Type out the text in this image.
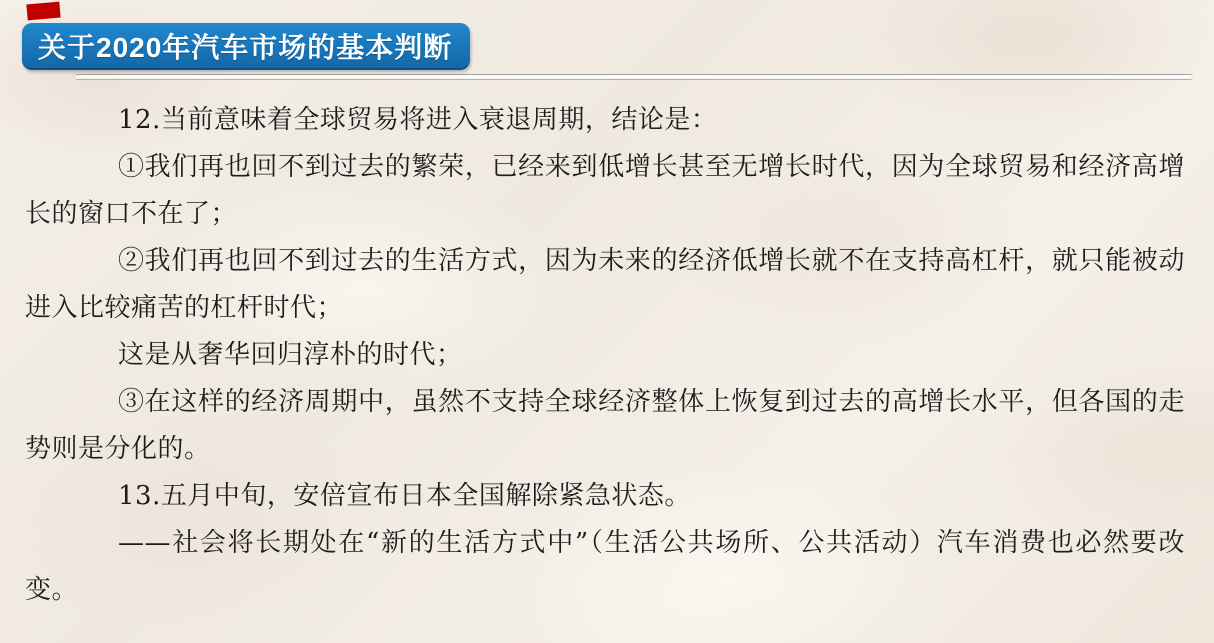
关于2020年汽车市场的基本判断

12.当前意味着全球贸易将进入衰退周期，结论是：

①我们再也回不到过去的繁荣，已经来到低增长甚至无增长时代，因为全球贸易和经济高增长的窗口不在了；

②我们再也回不到过去的生活方式，因为未来的经济低增长就不在支持高杠杆，就只能被动进入比较痛苦的杠杆时代；

这是从奢华回归淳朴的时代；

③在这样的经济周期中，虽然不支持全球经济整体上恢复到过去的高增长水平，但各国的走势则是分化的。

13.五月中旬，安倍宣布日本全国解除紧急状态。

——社会将长期处在“新的生活方式中”（生活公共场所、公共活动）汽车消费也必然要改变。
